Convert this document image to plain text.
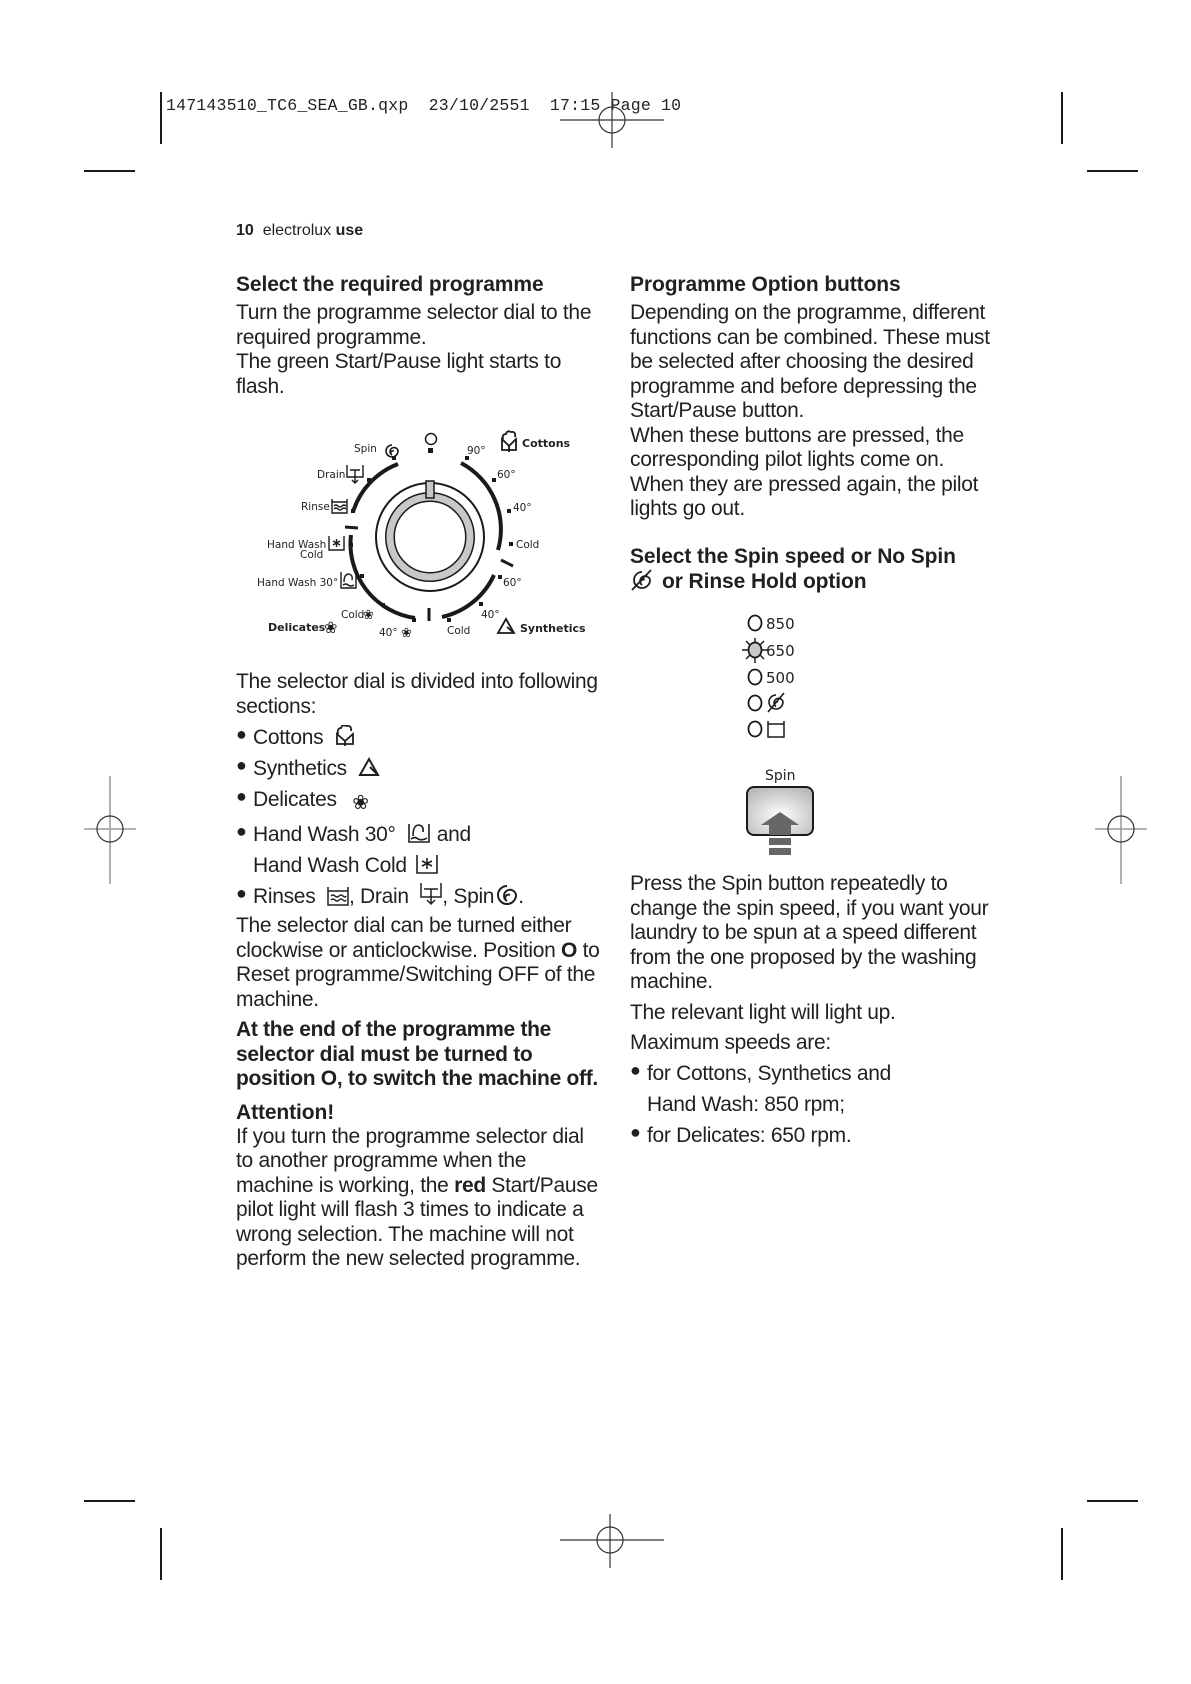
147143510_TC6_SEA_GB.qxp 23/10/2551 17:15 Page 10
10 electrolux use
Select the required programme

Turn the programme selector dial to the required programme.

The green Start/Pause light starts to flash.

Cottons
90°
60°
40°
Cold
60°
40°
Cold	Synthetics
Cold
40°
❀
❀
Delicates
❀
Hand Wash 30°
Hand Wash
Cold
Rinse
Drain
Spin

The selector dial is divided into following sections:

● Cottons
● Synthetics
● Delicates ❀
● Hand Wash 30° and
Hand Wash Cold
● Rinses , Drain , Spin .

The selector dial can be turned either clockwise or anticlockwise. Position O to Reset programme/Switching OFF of the machine.

At the end of the programme the selector dial must be turned to position O, to switch the machine off.

Attention!

If you turn the programme selector dial to another programme when the machine is working, the red Start/Pause pilot light will flash 3 times to indicate a wrong selection. The machine will not perform the new selected programme.

Programme Option buttons

Depending on the programme, different functions can be combined. These must be selected after choosing the desired programme and before depressing the Start/Pause button.

When these buttons are pressed, the corresponding pilot lights come on.

When they are pressed again, the pilot lights go out.

Select the Spin speed or No Spin
or Rinse Hold option
850
650
500
Spin

Press the Spin button repeatedly to change the spin speed, if you want your laundry to be spun at a speed different from the one proposed by the washing machine.

The relevant light will light up.

Maximum speeds are:

● for Cottons, Synthetics and
Hand Wash: 850 rpm;
● for Delicates: 650 rpm.
